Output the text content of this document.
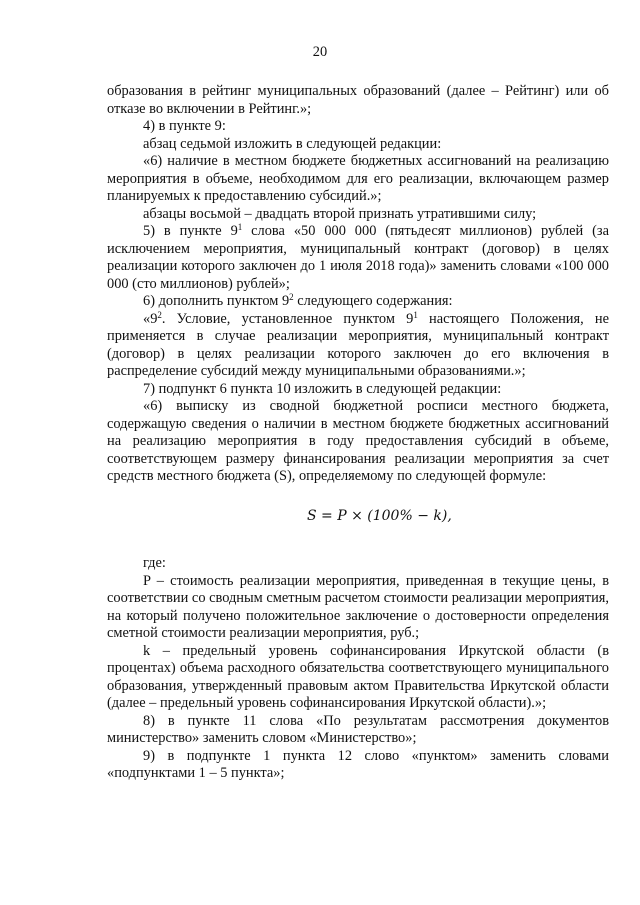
20

образования в рейтинг муниципальных образований (далее – Рейтинг) или об отказе во включении в Рейтинг.»;

4) в пункте 9:

абзац седьмой изложить в следующей редакции:

«6) наличие в местном бюджете бюджетных ассигнований на реализацию мероприятия в объеме, необходимом для его реализации, включающем размер планируемых к предоставлению субсидий.»;

абзацы восьмой – двадцать второй признать утратившими силу;

5) в пункте $9^1$ слова «50 000 000 (пятьдесят миллионов) рублей (за исключением мероприятия, муниципальный контракт (договор) в целях реализации которого заключен до 1 июля 2018 года)» заменить словами «100 000 000 (сто миллионов) рублей»;

6) дополнить пунктом $9^2$ следующего содержания:

«$9^2$. Условие, установленное пунктом $9^1$ настоящего Положения, не применяется в случае реализации мероприятия, муниципальный контракт (договор) в целях реализации которого заключен до его включения в распределение субсидий между муниципальными образованиями.»;

7) подпункт 6 пункта 10 изложить в следующей редакции:

«6) выписку из сводной бюджетной росписи местного бюджета, содержащую сведения о наличии в местном бюджете бюджетных ассигнований на реализацию мероприятия в году предоставления субсидий в объеме, соответствующем размеру финансирования реализации мероприятия за счет средств местного бюджета (S), определяемому по следующей формуле:

S = P × (100% − k),

где:

P – стоимость реализации мероприятия, приведенная в текущие цены, в соответствии со сводным сметным расчетом стоимости реализации мероприятия, на который получено положительное заключение о достоверности определения сметной стоимости реализации мероприятия, руб.;

k – предельный уровень софинансирования Иркутской области (в процентах) объема расходного обязательства соответствующего муниципального образования, утвержденный правовым актом Правительства Иркутской области (далее – предельный уровень софинансирования Иркутской области).»;

8) в пункте 11 слова «По результатам рассмотрения документов министерство» заменить словом «Министерство»;

9) в подпункте 1 пункта 12 слово «пунктом» заменить словами «подпунктами 1 – 5 пункта»;
